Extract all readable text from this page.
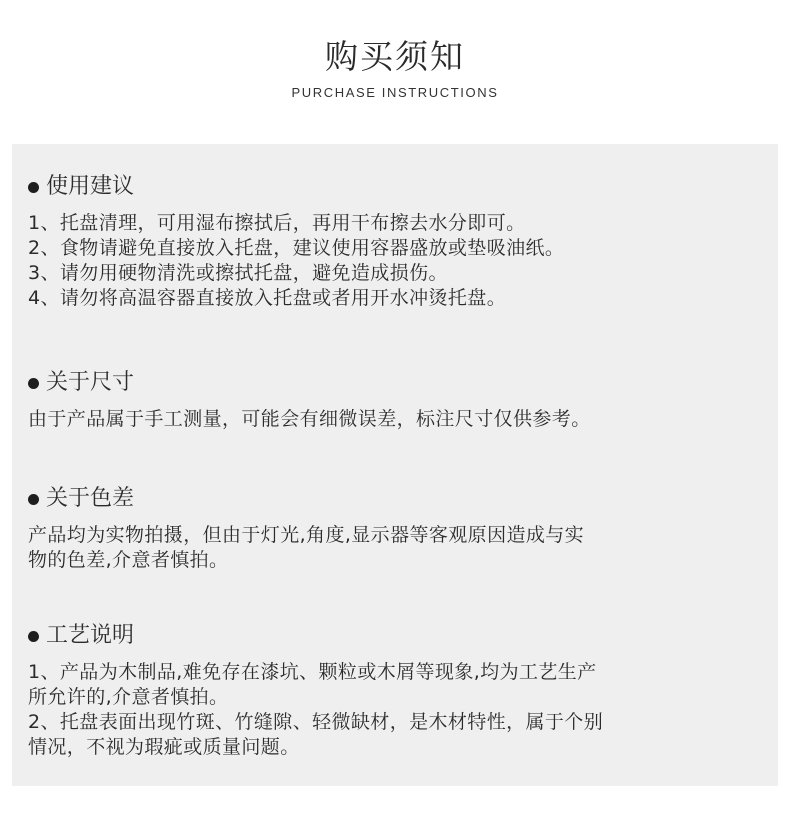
购买须知
PURCHASE INSTRUCTIONS
使用建议
1、托盘清理，可用湿布擦拭后，再用干布擦去水分即可。
2、食物请避免直接放入托盘，建议使用容器盛放或垫吸油纸。
3、请勿用硬物清洗或擦拭托盘，避免造成损伤。
4、请勿将高温容器直接放入托盘或者用开水冲烫托盘。
关于尺寸
由于产品属于手工测量，可能会有细微误差，标注尺寸仅供参考。
关于色差
产品均为实物拍摄，但由于灯光,角度,显示器等客观原因造成与实
物的色差,介意者慎拍。
工艺说明
1、产品为木制品,难免存在漆坑、颗粒或木屑等现象,均为工艺生产
所允许的,介意者慎拍。
2、托盘表面出现竹斑、竹缝隙、轻微缺材，是木材特性，属于个别
情况，不视为瑕疵或质量问题。
